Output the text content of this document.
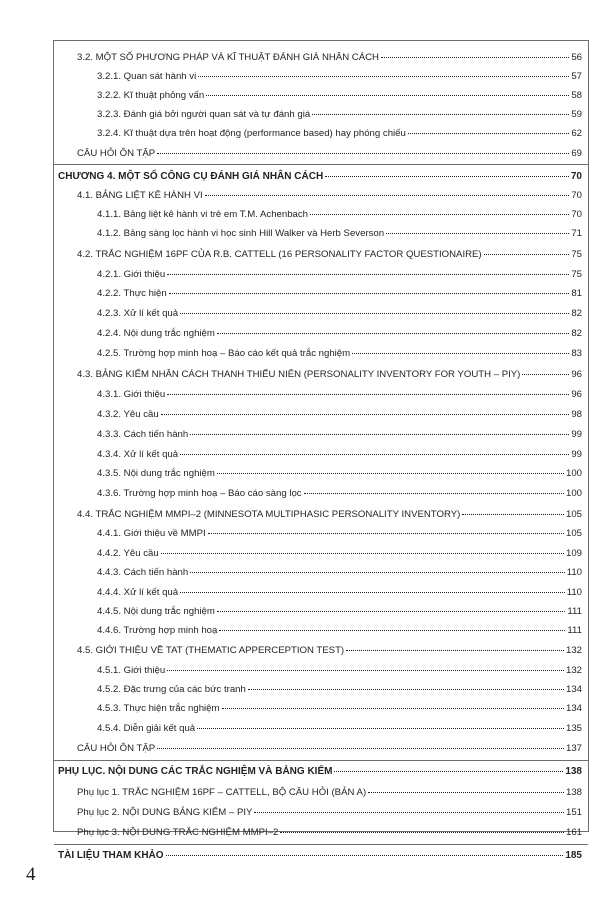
3.2. MỘT SỐ PHƯƠNG PHÁP VÀ KĨ THUẬT ĐÁNH GIÁ NHÂN CÁCH	56
3.2.1. Quan sát hành vi	57
3.2.2. Kĩ thuật phỏng vấn	58
3.2.3. Đánh giá bởi người quan sát và tự đánh giá	59
3.2.4. Kĩ thuật dựa trên hoạt động (performance based) hay phóng chiếu	62
CÂU HỎI ÔN TẬP	69
CHƯƠNG 4. MỘT SỐ CÔNG CỤ ĐÁNH GIÁ NHÂN CÁCH	70
4.1. BẢNG LIỆT KÊ HÀNH VI	70
4.1.1. Bảng liệt kê hành vi trẻ em T.M. Achenbach	70
4.1.2. Bảng sàng lọc hành vi học sinh Hill Walker và Herb Severson	71
4.2. TRẮC NGHIỆM 16PF CỦA R.B. CATTELL (16 PERSONALITY FACTOR QUESTIONAIRE)	75
4.2.1. Giới thiệu	75
4.2.2. Thực hiện	81
4.2.3. Xử lí kết quả	82
4.2.4. Nội dung trắc nghiệm	82
4.2.5. Trường hợp minh hoạ – Báo cáo kết quả trắc nghiệm	83
4.3. BẢNG KIỂM NHÂN CÁCH THANH THIẾU NIÊN (PERSONALITY INVENTORY FOR YOUTH – PIY)	96
4.3.1. Giới thiệu	96
4.3.2. Yêu cầu	98
4.3.3. Cách tiến hành	99
4.3.4. Xử lí kết quả	99
4.3.5. Nội dung trắc nghiệm	100
4.3.6. Trường hợp minh hoạ – Báo cáo sàng lọc	100
4.4. TRẮC NGHIỆM MMPI–2 (MINNESOTA MULTIPHASIC PERSONALITY INVENTORY)	105
4.4.1. Giới thiệu về MMPI	105
4.4.2. Yêu cầu	109
4.4.3. Cách tiến hành	110
4.4.4. Xử lí kết quả	110
4.4.5. Nội dung trắc nghiệm	111
4.4.6. Trường hợp minh hoạ	111
4.5. GIỚI THIỆU VỀ TAT (THEMATIC APPERCEPTION TEST)	132
4.5.1. Giới thiệu	132
4.5.2. Đặc trưng của các bức tranh	134
4.5.3. Thực hiện trắc nghiệm	134
4.5.4. Diễn giải kết quả	135
CÂU HỎI ÔN TẬP	137
PHỤ LỤC. NỘI DUNG CÁC TRẮC NGHIỆM VÀ BẢNG KIỂM	138
Phụ lục 1. TRẮC NGHIỆM 16PF – CATTELL, BỘ CÂU HỎI (BẢN A)	138
Phụ lục 2. NỘI DUNG BẢNG KIỂM – PIY	151
Phụ lục 3. NỘI DUNG TRẮC NGHIỆM MMPI–2	161
TÀI LIỆU THAM KHẢO	185
4
